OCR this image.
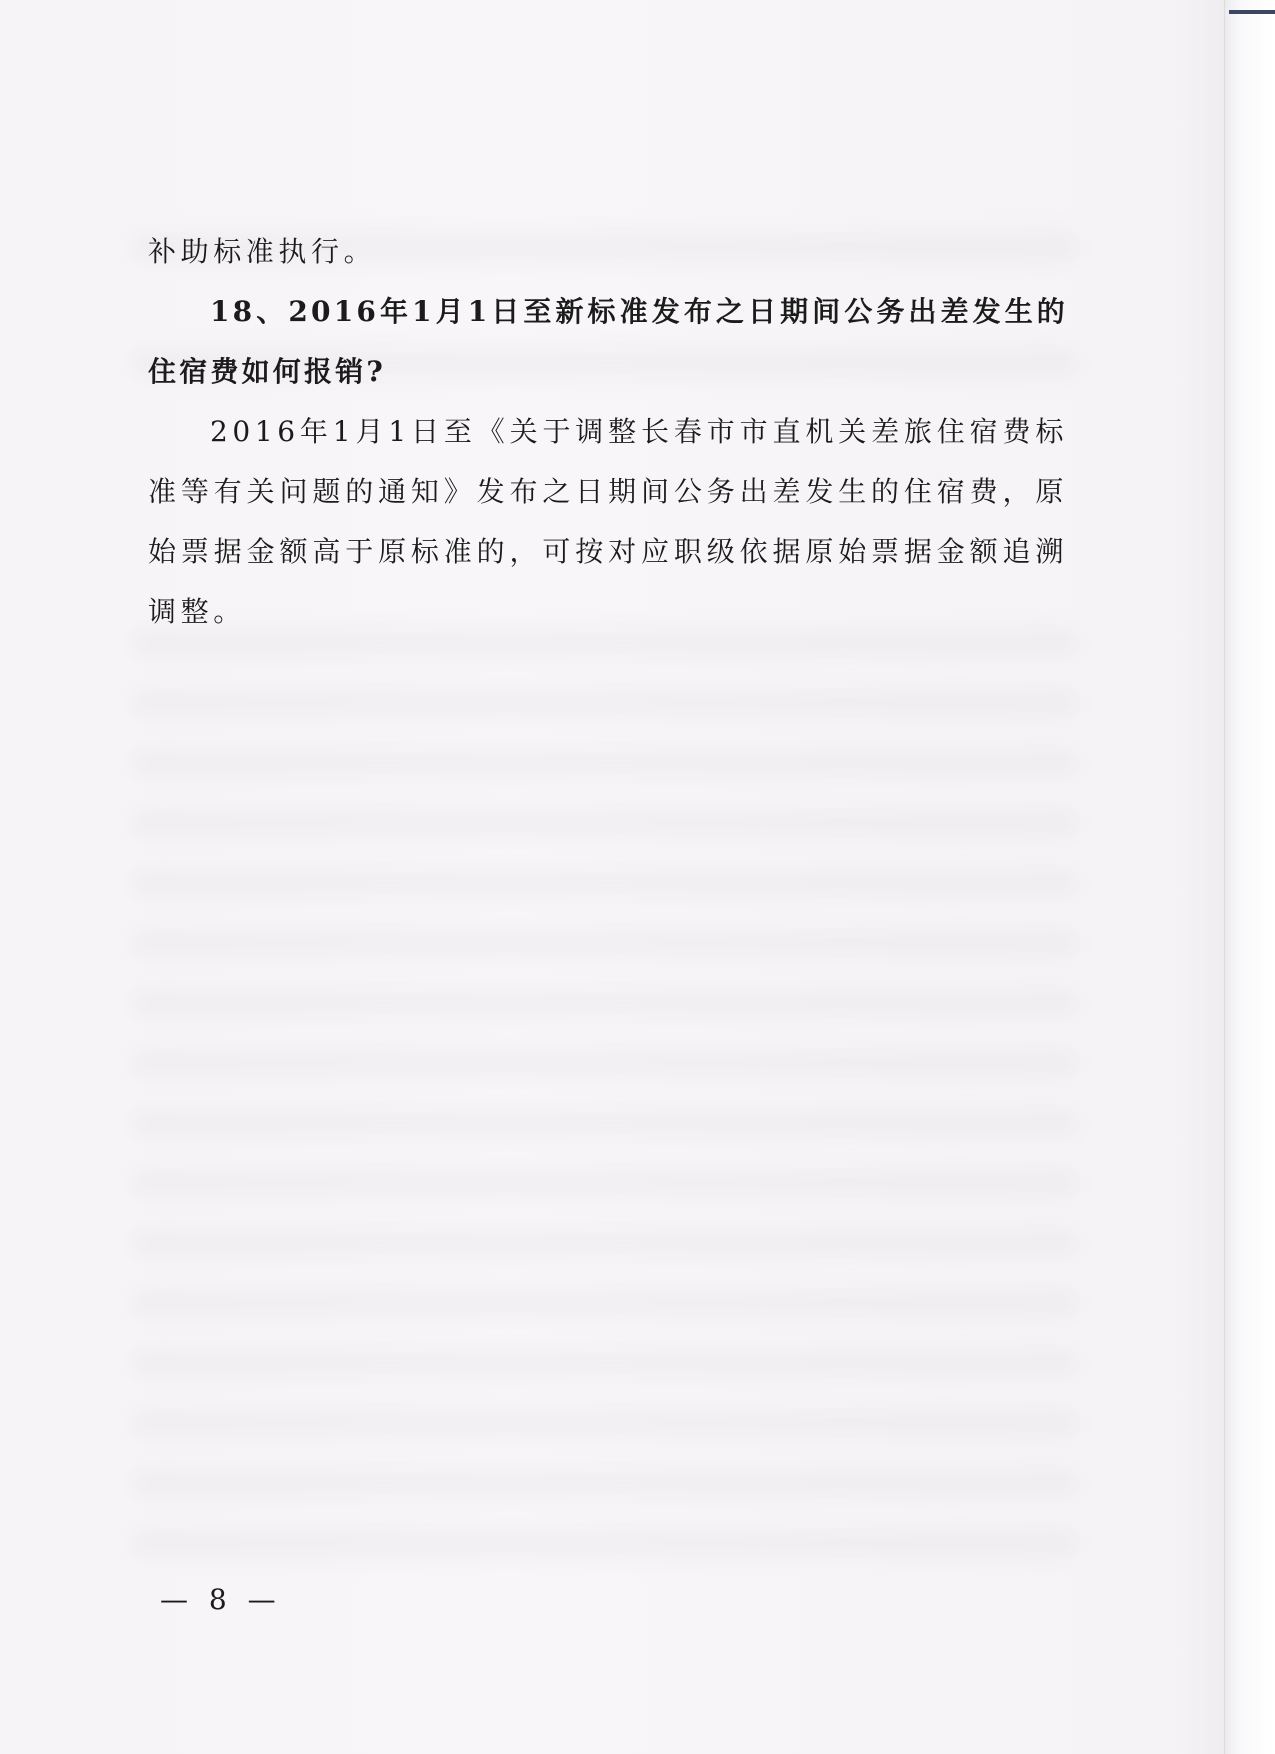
补助标准执行。

18、2016年1月1日至新标准发布之日期间公务出差发生的住宿费如何报销?

2016年1月1日至《关于调整长春市市直机关差旅住宿费标准等有关问题的通知》发布之日期间公务出差发生的住宿费，原始票据金额高于原标准的，可按对应职级依据原始票据金额追溯调整。

— 8 —
